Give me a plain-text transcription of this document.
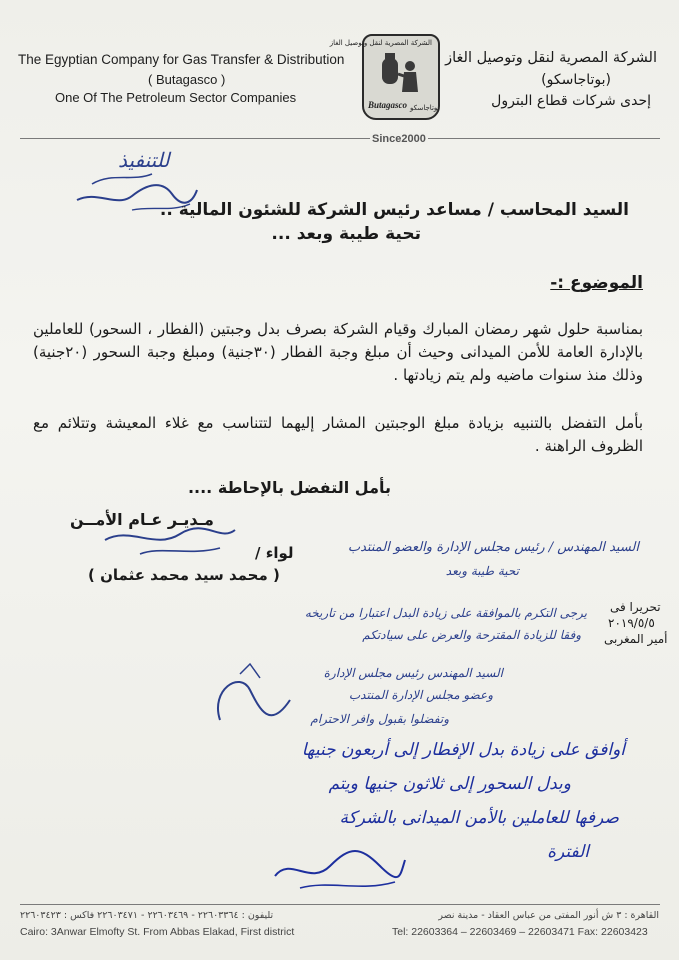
The Egyptian Company for Gas Transfer & Distribution
( Butagasco )
One Of The Petroleum Sector Companies
الشركة المصرية لنقل وتوصيل الغاز
Butagasco بوتاجاسكو
الشركة المصرية لنقل وتوصيل الغاز
(بوتاجاسكو)
إحدى شركات قطاع البترول
Since2000
للتنفيذ
السيد المحاسب / مساعد رئيس الشركة للشئون المالية ..
تحية طيبة وبعد ...
الموضوع :-
بمناسبة حلول شهر رمضان المبارك وقيام الشركة بصرف بدل وجبتين (الفطار ، السحور) للعاملين بالإدارة العامة للأمن الميدانى وحيث أن مبلغ وجبة الفطار (٣٠جنية) ومبلغ وجبة السحور (٢٠جنية) وذلك منذ سنوات ماضيه ولم يتم زيادتها .
بأمل التفضل بالتنبيه بزيادة مبلغ الوجبتين المشار إليهما لتتناسب مع غلاء المعيشة وتتلائم مع الظروف الراهنة .
بأمل التفضل بالإحاطة ....
مـديـر عـام الأمــن
لواء /
( محمد سيد محمد عثمان )
السيد المهندس / رئيس مجلس الإدارة والعضو المنتدب
تحية طيبة وبعد
تحريرا فى
٢٠١٩/٥/٥
أمير المغربى
يرجى التكرم بالموافقة على زيادة البدل اعتبارا من تاريخه
وفقا للزيادة المقترحة والعرض على سيادتكم
السيد المهندس رئيس مجلس الإدارة
وعضو مجلس الإدارة المنتدب
وتفضلوا بقبول وافر الاحترام
أوافق على زيادة بدل الإفطار إلى أربعون جنيها
وبدل السحور إلى ثلاثون جنيها ويتم
صرفها للعاملين بالأمن الميدانى بالشركة
الفترة
تليفون : ٢٢٦٠٣٣٦٤ - ٢٢٦٠٣٤٦٩ - ٢٢٦٠٣٤٧١ فاكس : ٢٢٦٠٣٤٢٣	القاهرة : ٣ ش أنور المفتى من عباس العقاد - مدينة نصر
Cairo: 3Anwar Elmofty St. From Abbas Elakad, First district	Tel: 22603364 – 22603469 – 22603471 Fax: 22603423
